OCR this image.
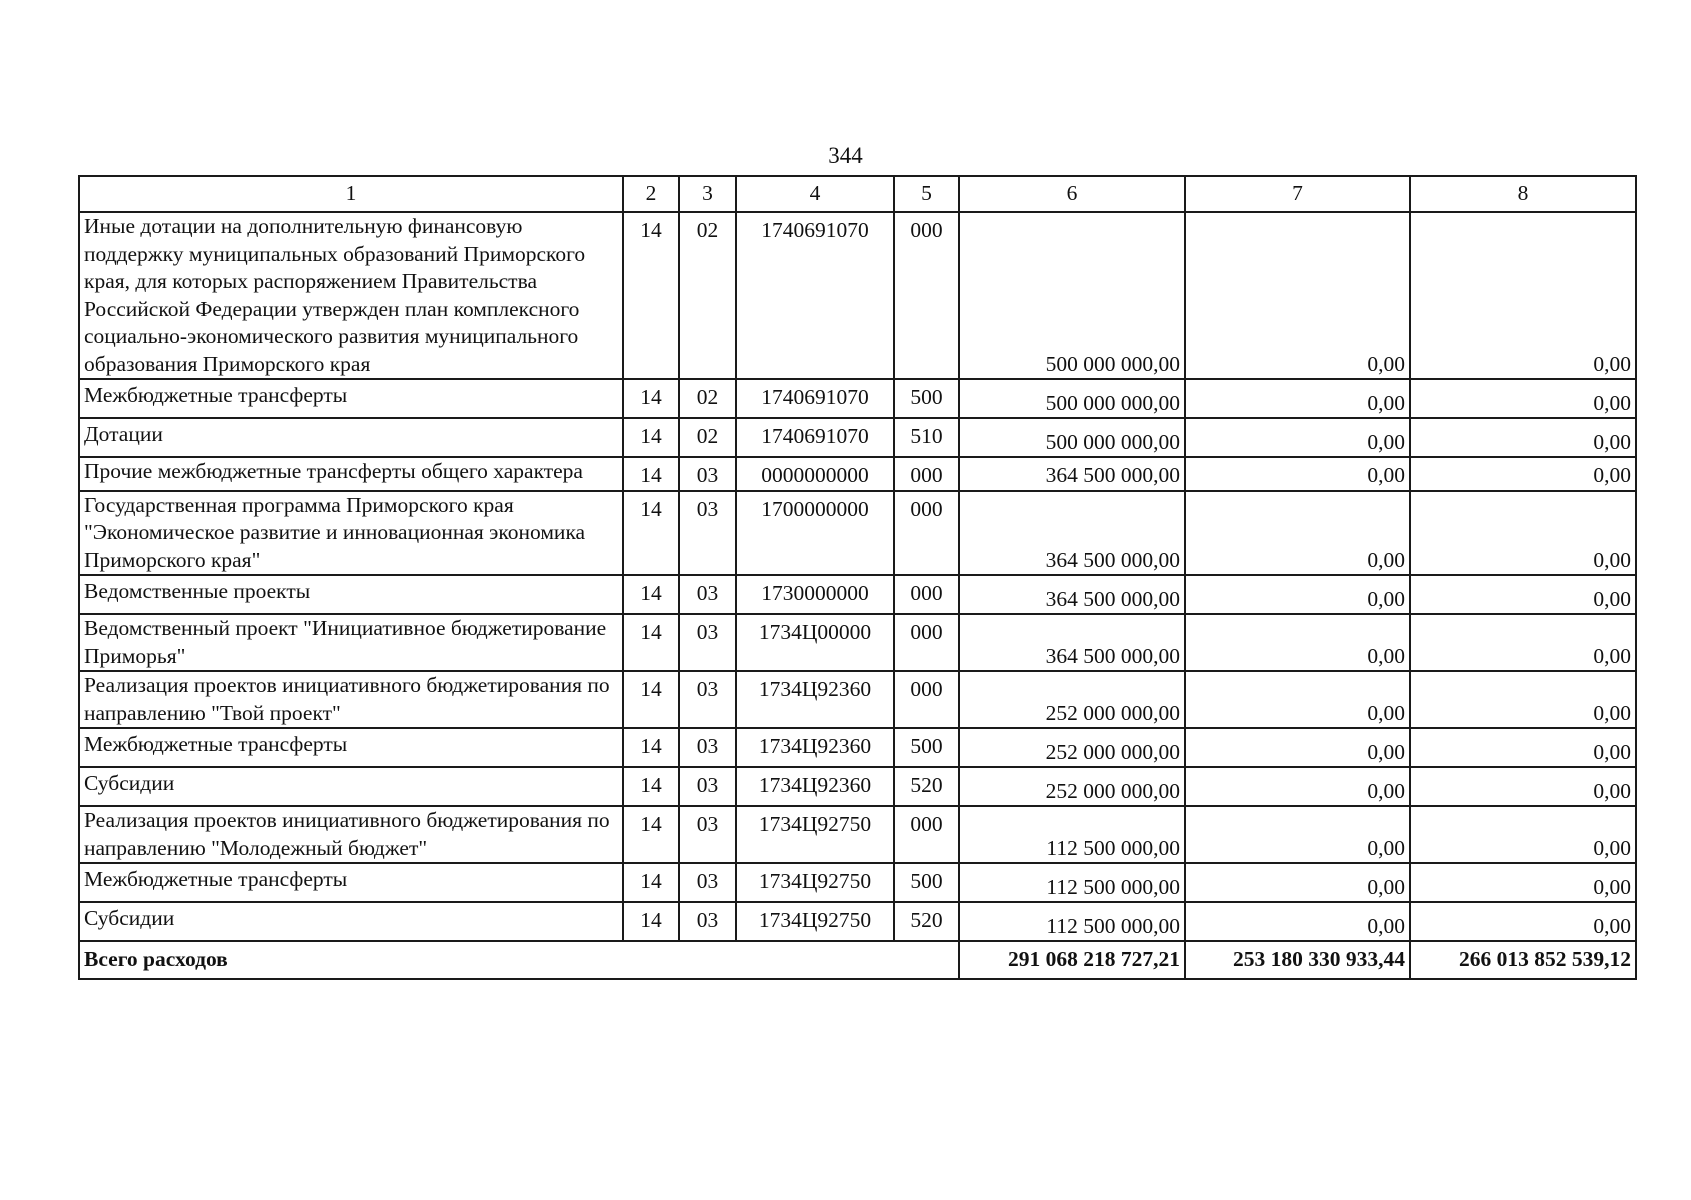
344
1	2	3	4	5	6	7	8
Иные дотации на дополнительную финансовую поддержку муниципальных образований Приморского края, для которых распоряжением Правительства Российской Федерации утвержден план комплексного социально-экономического развития муниципального образования Приморского края	14	02	1740691070	000	500 000 000,00	0,00	0,00
Межбюджетные трансферты	14	02	1740691070	500	500 000 000,00	0,00	0,00
Дотации	14	02	1740691070	510	500 000 000,00	0,00	0,00
Прочие межбюджетные трансферты общего характера	14	03	0000000000	000	364 500 000,00	0,00	0,00
Государственная программа Приморского края "Экономическое развитие и инновационная экономика Приморского края"	14	03	1700000000	000	364 500 000,00	0,00	0,00
Ведомственные проекты	14	03	1730000000	000	364 500 000,00	0,00	0,00
Ведомственный проект "Инициативное бюджетирование Приморья"	14	03	1734Ц00000	000	364 500 000,00	0,00	0,00
Реализация проектов инициативного бюджетирования по направлению "Твой проект"	14	03	1734Ц92360	000	252 000 000,00	0,00	0,00
Межбюджетные трансферты	14	03	1734Ц92360	500	252 000 000,00	0,00	0,00
Субсидии	14	03	1734Ц92360	520	252 000 000,00	0,00	0,00
Реализация проектов инициативного бюджетирования по направлению "Молодежный бюджет"	14	03	1734Ц92750	000	112 500 000,00	0,00	0,00
Межбюджетные трансферты	14	03	1734Ц92750	500	112 500 000,00	0,00	0,00
Субсидии	14	03	1734Ц92750	520	112 500 000,00	0,00	0,00
Всего расходов					291 068 218 727,21	253 180 330 933,44	266 013 852 539,12
